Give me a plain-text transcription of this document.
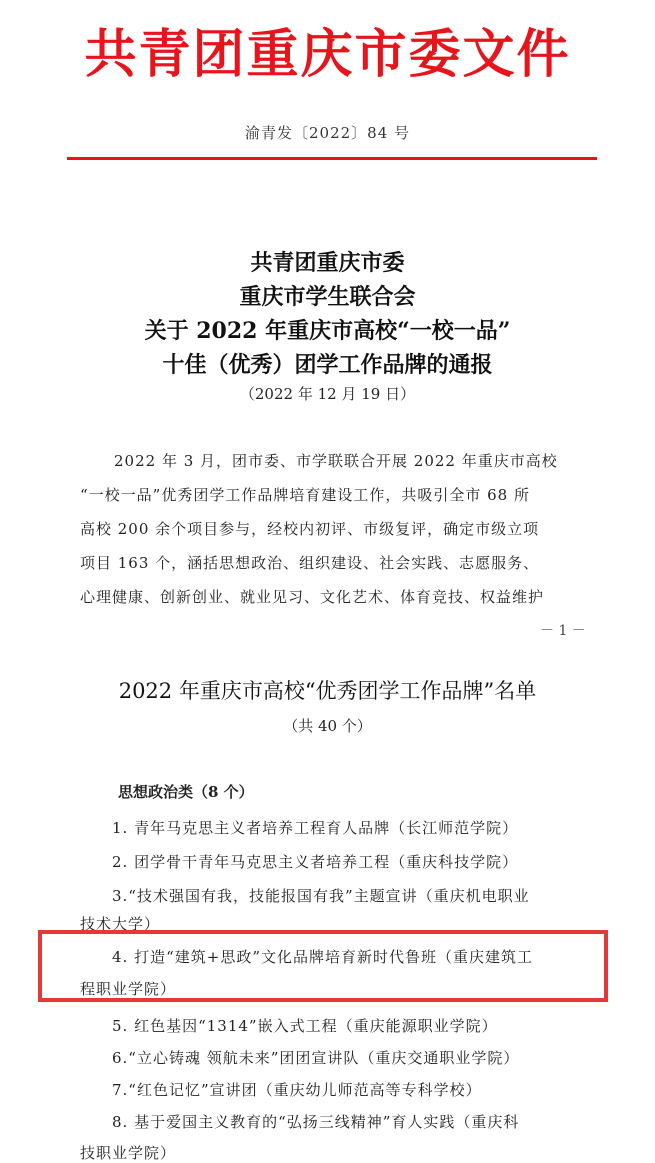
共青团重庆市委文件
渝青发〔2022〕84 号
共青团重庆市委
重庆市学生联合会
关于 2022 年重庆市高校“一校一品”
十佳（优秀）团学工作品牌的通报
（2022 年 12 月 19 日）
2022 年 3 月，团市委、市学联联合开展 2022 年重庆市高校
“一校一品”优秀团学工作品牌培育建设工作，共吸引全市 68 所
高校 200 余个项目参与，经校内初评、市级复评，确定市级立项
项目 163 个，涵括思想政治、组织建设、社会实践、志愿服务、
心理健康、创新创业、就业见习、文化艺术、体育竞技、权益维护
－ 1 －
2022 年重庆市高校“优秀团学工作品牌”名单
（共 40 个）
思想政治类（8 个）
1. 青年马克思主义者培养工程育人品牌（长江师范学院）
2. 团学骨干青年马克思主义者培养工程（重庆科技学院）
3.“技术强国有我，技能报国有我”主题宣讲（重庆机电职业
技术大学）
4. 打造“建筑+思政”文化品牌培育新时代鲁班（重庆建筑工
程职业学院）
5. 红色基因“1314”嵌入式工程（重庆能源职业学院）
6.“立心铸魂 领航未来”团团宣讲队（重庆交通职业学院）
7.“红色记忆”宣讲团（重庆幼儿师范高等专科学校）
8. 基于爱国主义教育的“弘扬三线精神”育人实践（重庆科
技职业学院）
